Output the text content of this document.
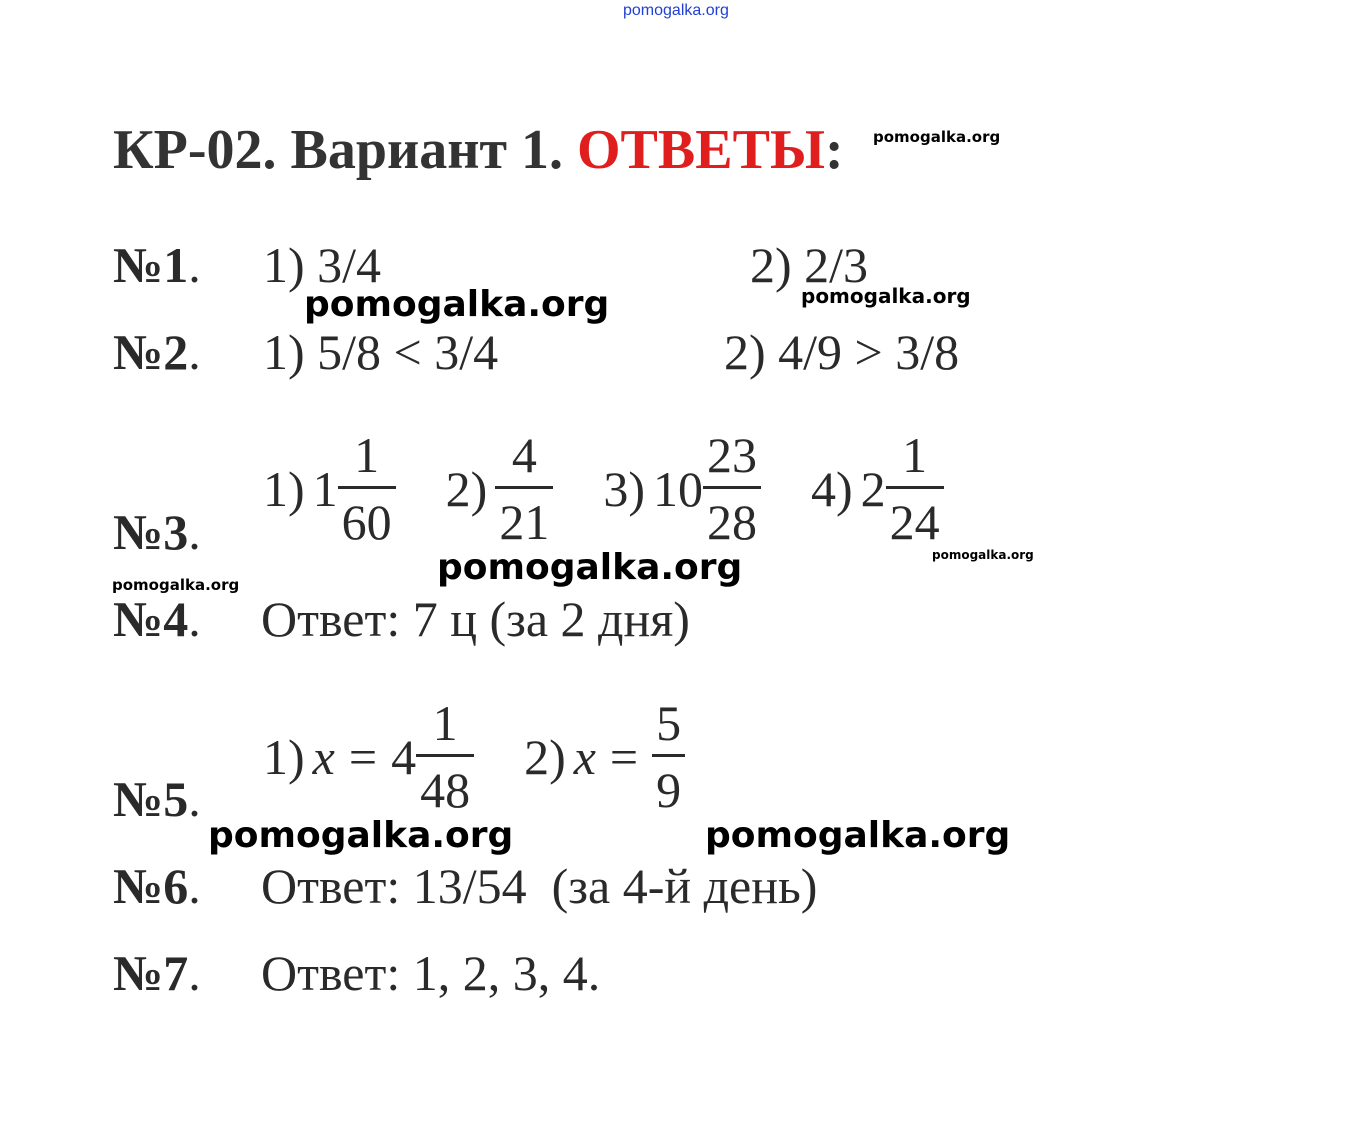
pomogalka.org
КР-02. Вариант 1. ОТВЕТЫ: pomogalka.org
№1. 1) 3/4	2) 2/3
pomogalka.org	pomogalka.org
№2. 1) 5/8 < 3/4	2) 4/9 > 3/8
№3.
1) $1 \frac{1}{60} 2) \frac{4}{21} 3$) $10 \frac{23}{28} 4$) $2 \frac{1}{24}$
pomogalka.org
pomogalka.org
pomogalka.org
№4. Ответ: 7 ц (за 2 дня)
№5.
1) $x = 4 \frac{1}{48} 2$) $x = \frac{5}{9}$
pomogalka.org	pomogalka.org
№6. Ответ: 13/54  (за 4-й день)
№7. Ответ: 1, 2, 3, 4.
